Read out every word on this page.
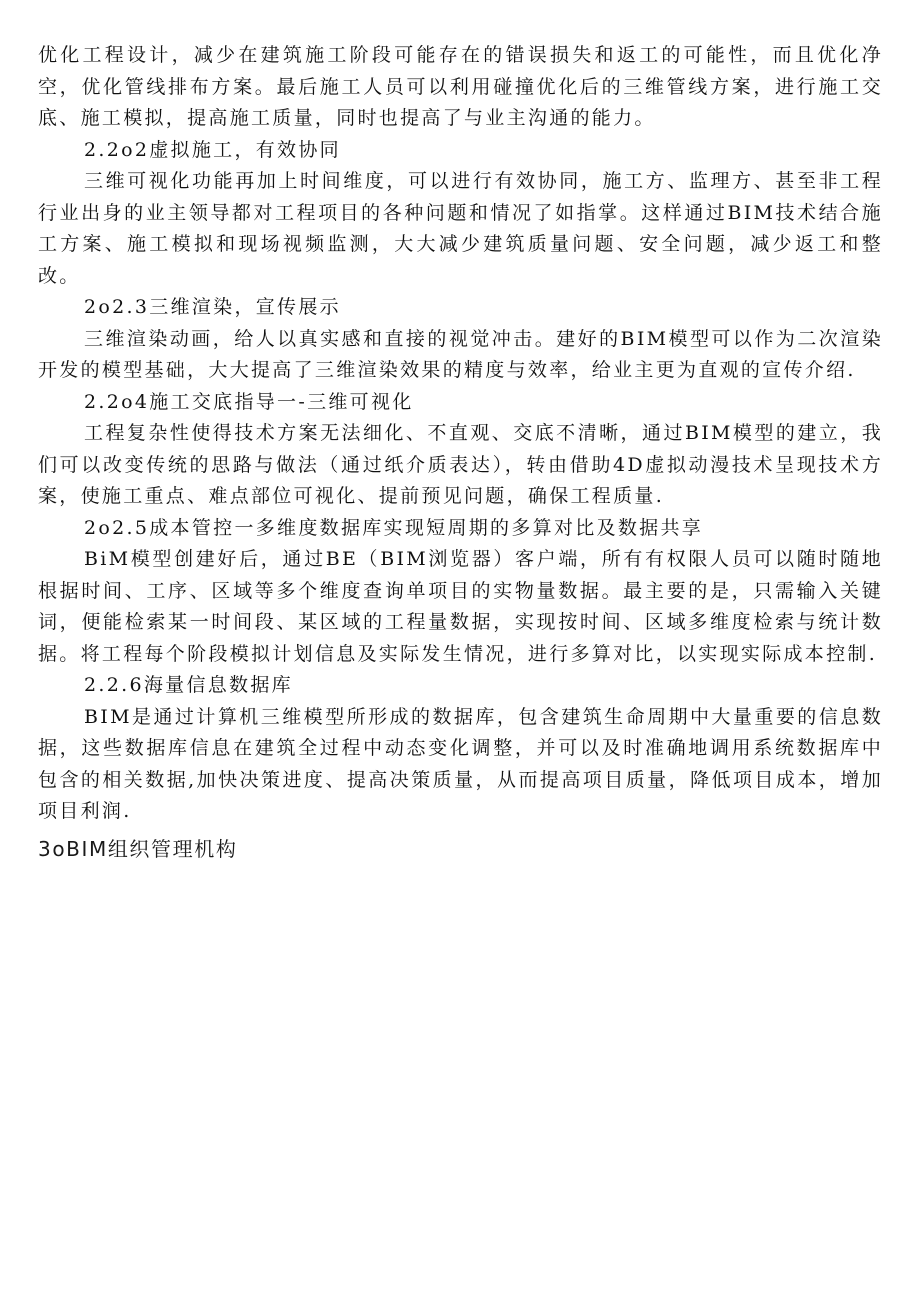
优化工程设计，减少在建筑施工阶段可能存在的错误损失和返工的可能性，而且优化净空，优化管线排布方案。最后施工人员可以利用碰撞优化后的三维管线方案，进行施工交底、施工模拟，提高施工质量，同时也提高了与业主沟通的能力。

2.2o2虚拟施工，有效协同

三维可视化功能再加上时间维度，可以进行有效协同，施工方、监理方、甚至非工程行业出身的业主领导都对工程项目的各种问题和情况了如指掌。这样通过BIM技术结合施工方案、施工模拟和现场视频监测，大大减少建筑质量问题、安全问题，减少返工和整改。

2o2.3三维渲染，宣传展示

三维渲染动画，给人以真实感和直接的视觉冲击。建好的BIM模型可以作为二次渲染开发的模型基础，大大提高了三维渲染效果的精度与效率，给业主更为直观的宣传介绍.

2.2o4施工交底指导一-三维可视化

工程复杂性使得技术方案无法细化、不直观、交底不清晰，通过BIM模型的建立，我们可以改变传统的思路与做法（通过纸介质表达），转由借助4D虚拟动漫技术呈现技术方案，使施工重点、难点部位可视化、提前预见问题，确保工程质量.

2o2.5成本管控一多维度数据库实现短周期的多算对比及数据共享

BiM模型创建好后，通过BE（BIM浏览器）客户端，所有有权限人员可以随时随地根据时间、工序、区域等多个维度查询单项目的实物量数据。最主要的是，只需输入关键词，便能检索某一时间段、某区域的工程量数据，实现按时间、区域多维度检索与统计数据。将工程每个阶段模拟计划信息及实际发生情况，进行多算对比，以实现实际成本控制.

2.2.6海量信息数据库

BIM是通过计算机三维模型所形成的数据库，包含建筑生命周期中大量重要的信息数据，这些数据库信息在建筑全过程中动态变化调整，并可以及时准确地调用系统数据库中包含的相关数据,加快决策进度、提高决策质量，从而提高项目质量，降低项目成本，增加项目利润.

3oBIM组织管理机构
